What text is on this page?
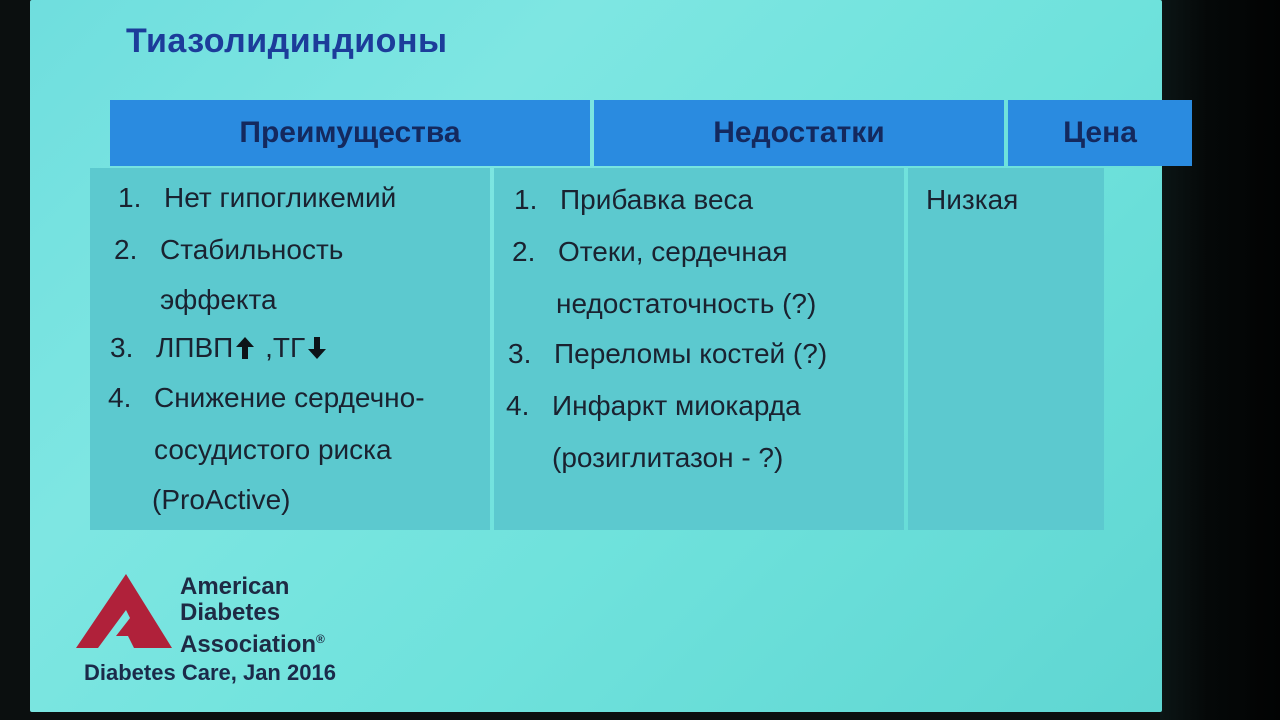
Тиазолидиндионы
Преимущества	Недостатки	Цена
1. Нет гипогликемий
2. Стабильность
эффекта
3. ЛПВП ,ТГ
4. Снижение сердечно-
сосудистого риска
(ProActive)
1. Прибавка веса
2. Отеки, сердечная
недостаточность (?)
3. Переломы костей (?)
4. Инфаркт миокарда
(розиглитазон - ?)
Низкая
American
Diabetes
Association®
Diabetes Care, Jan 2016
